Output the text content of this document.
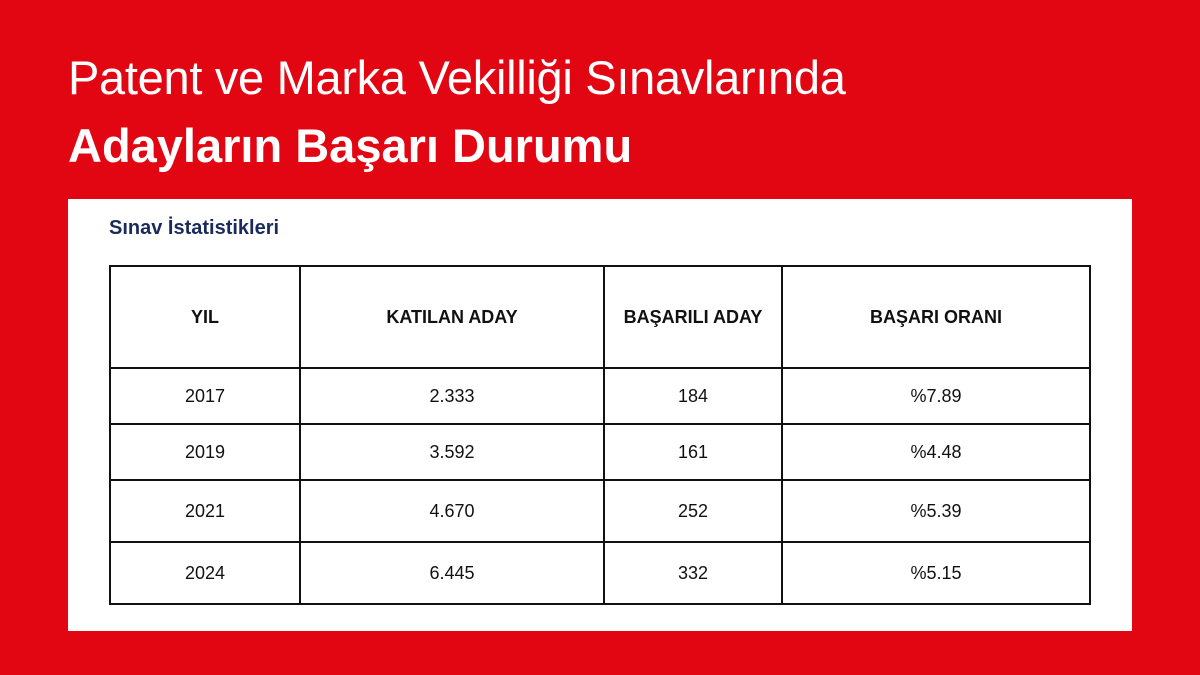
Patent ve Marka Vekilliği Sınavlarında
Adayların Başarı Durumu
Sınav İstatistikleri
YIL	KATILAN ADAY	BAŞARILI ADAY	BAŞARI ORANI
2017	2.333	184	%7.89
2019	3.592	161	%4.48
2021	4.670	252	%5.39
2024	6.445	332	%5.15
